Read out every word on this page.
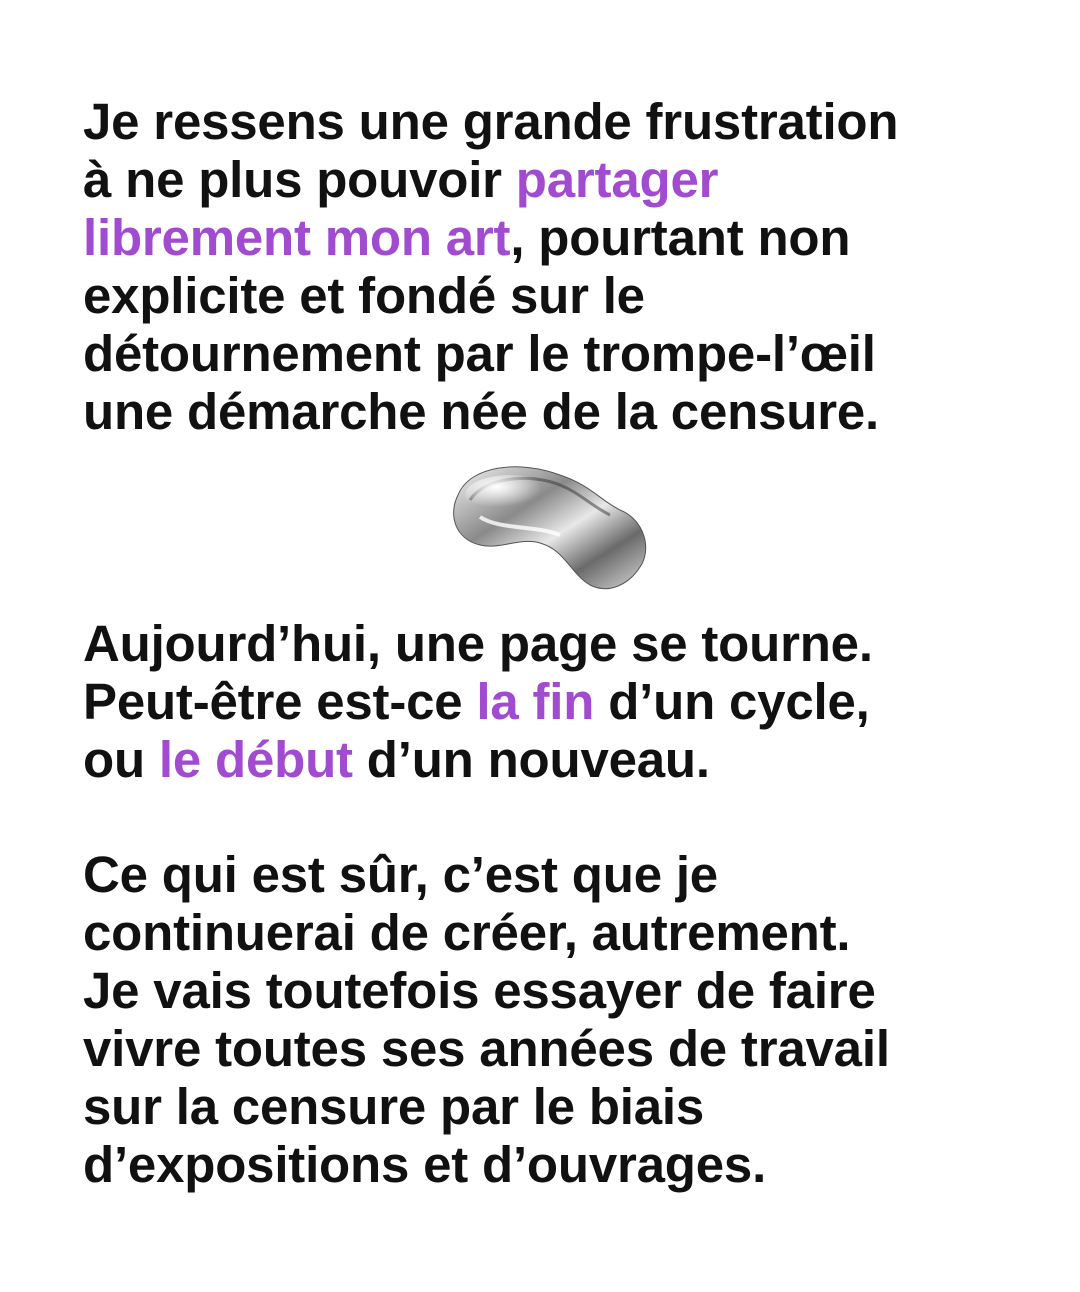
Je ressens une grande frustration
à ne plus pouvoir partager
librement mon art, pourtant non
explicite et fondé sur le
détournement par le trompe-l’œil
une démarche née de la censure.
Aujourd’hui, une page se tourne.
Peut-être est-ce la fin d’un cycle,
ou le début d’un nouveau.
Ce qui est sûr, c’est que je
continuerai de créer, autrement.
Je vais toutefois essayer de faire
vivre toutes ses années de travail
sur la censure par le biais
d’expositions et d’ouvrages.
